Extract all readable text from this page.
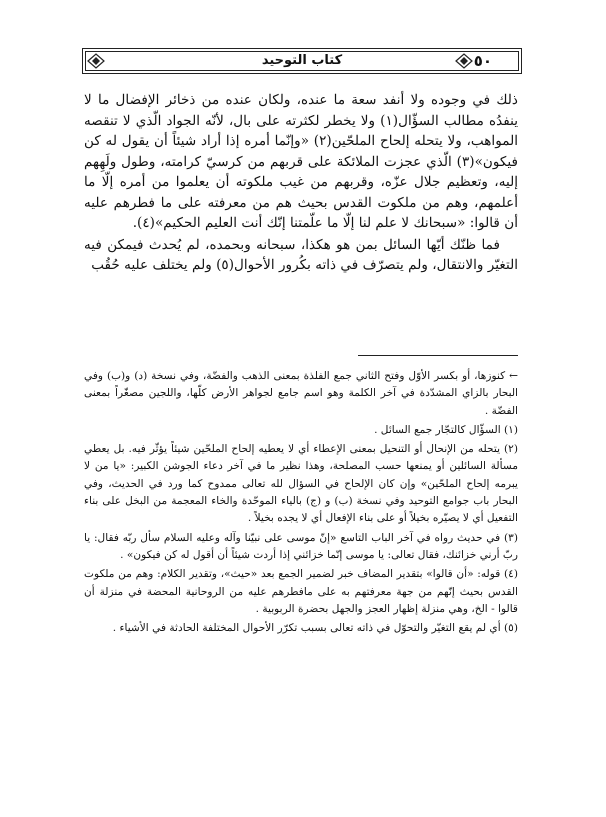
كتاب التوحيد	٥٠

ذلك في وجوده ولا أنفد سعة ما عنده، ولكان عنده من ذخائر الإفضال ما لا ينفدُه مطالب السؤّال(١) ولا يخطر لكثرته على بال، لأنّه الجواد الّذي لا تنقصه المواهب، ولا يتحله إلحاح الملحّين(٢) «وإنّما أمره إذا أراد شيئاً أن يقول له كن فيكون»(٣) الّذي عجزت الملائكة على قربهم من كرسيّ كرامته، وطول ولَهِهم إليه، وتعظيم جلال عزّه، وقربهم من غيب ملكوته أن يعلموا من أمره إلّا ما أعلمهم، وهم من ملكوت القدس بحيث هم من معرفته على ما فطرهم عليه أن قالوا: «سبحانك لا علم لنا إلّا ما علّمتنا إنّك أنت العليم الحكيم»(٤).

فما ظنّك أيّها السائل بمن هو هكذا، سبحانه وبحمده، لم يُحدث فيمكن فيه التغيّر والانتقال، ولم يتصرّف في ذاته بكُرور الأحوال(٥) ولم يختلف عليه حُقُب

← كنوزها، أو بكسر الأوّل وفتح الثاني جمع الفلذة بمعنى الذهب والفضّة، وفي نسخة (د) و(ب) وفي البحار بالزاي المشدّدة في آخر الكلمة وهو اسم جامع لجواهر الأرض كلّها، واللجين مصغّراً بمعنى الفضّة .

(١) السؤّال كالتجّار جمع السائل .

(٢) يتحله من الإنحال أو التنحيل بمعنى الإعطاء أي لا يعطيه إلحاح الملحّين شيئاً يؤثّر فيه. بل يعطي مسألة السائلين أو يمنعها حسب المصلحة، وهذا نظير ما في آخر دعاء الجوشن الكبير: «يا من لا يبرمه إلحاح الملحّين» وإن كان الإلحاح في السؤال لله تعالى ممدوح كما ورد في الحديث، وفي البحار باب جوامع التوحيد وفي نسخة (ب) و (ج) بالياء الموحّدة والخاء المعجمة من البخل على بناء التفعيل أي لا يصيّره بخيلاً أو على بناء الإفعال أي لا يجده بخيلاً .

(٣) في حديث رواه في آخر الباب التاسع «إنّ موسى على نبيّنا وآله وعليه السلام سأل ربّه فقال: يا ربّ أرني خزائنك، فقال تعالى: يا موسى إنّما خزائني إذا أردت شيئاً أن أقول له كن فيكون» .

(٤) قوله: «أن قالوا» بتقدير المضاف خبر لضمير الجمع بعد «حيث»، وتقدير الكلام: وهم من ملكوت القدس بحيث إنّهم من جهة معرفتهم به على مافطرهم عليه من الروحانية المحضة في منزلة أن قالوا - الخ، وهي منزلة إظهار العجز والجهل بحضرة الربوبية .

(٥) أي لم يقع التغيّر والتحوّل في ذاته تعالى بسبب تكرّر الأحوال المختلفة الحادثة في الأشياء .
